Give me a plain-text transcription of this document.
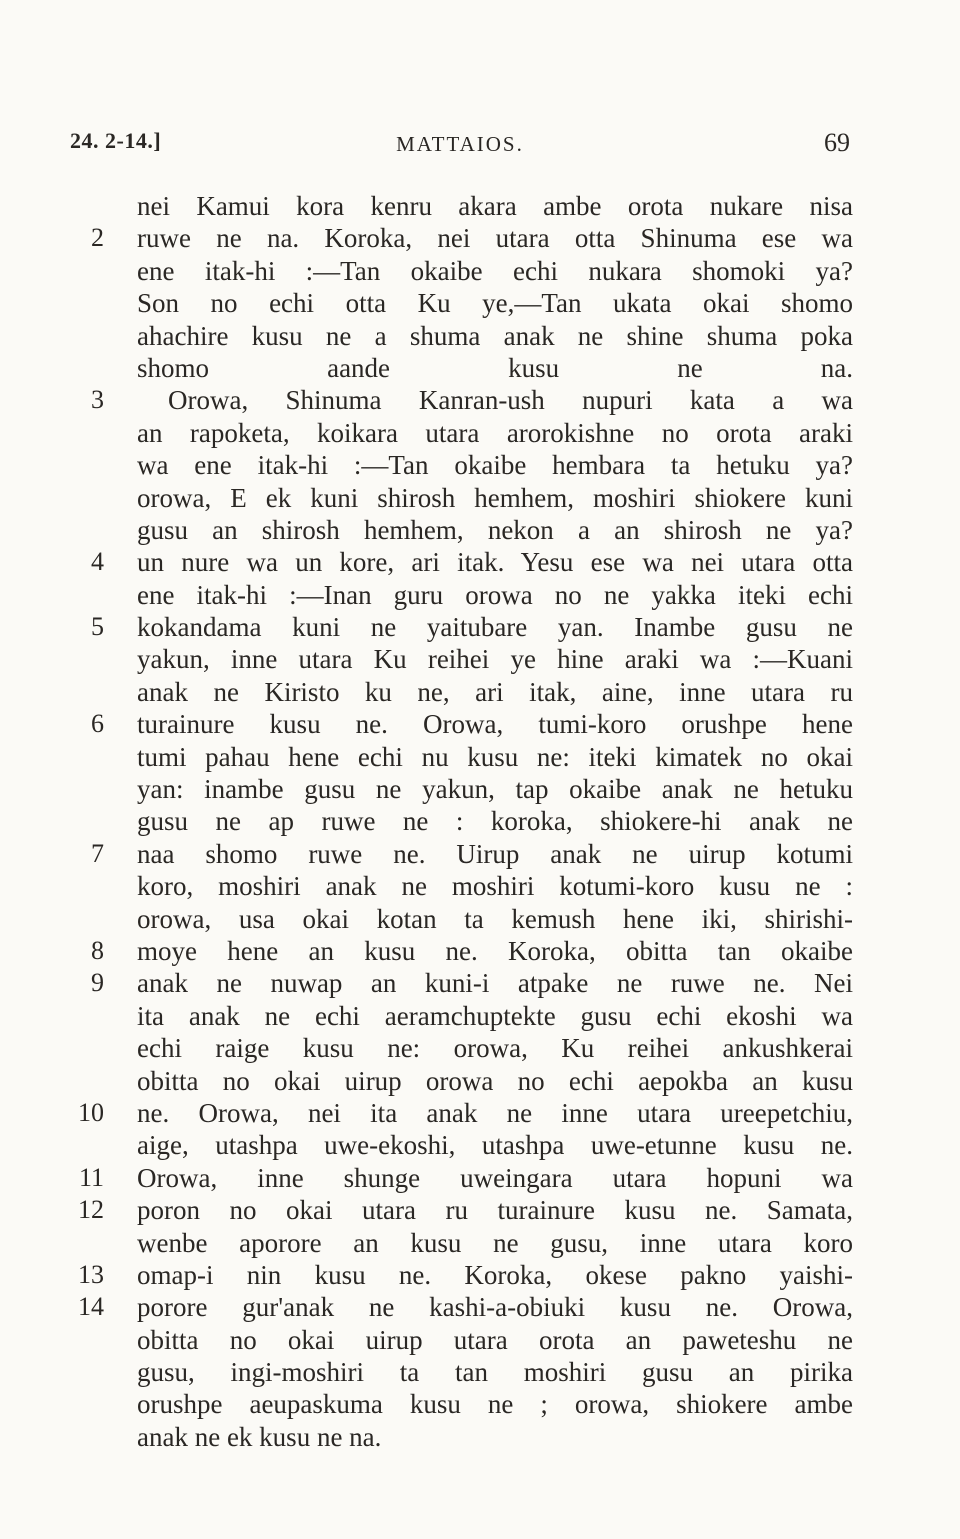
24. 2-14.]	MATTAIOS.	69
nei Kamui kora kenru akara ambe orota nukare nisa
2 ruwe ne na. Koroka, nei utara otta Shinuma ese wa
ene itak-hi :—Tan okaibe echi nukara shomoki ya?
Son no echi otta Ku ye,—Tan ukata okai shomo
ahachire kusu ne a shuma anak ne shine shuma poka
shomo aande kusu ne na.
3 Orowa, Shinuma Kanran-ush nupuri kata a wa
an rapoketa, koikara utara arorokishne no orota araki
wa ene itak-hi :—Tan okaibe hembara ta hetuku ya?
orowa, E ek kuni shirosh hemhem, moshiri shiokere kuni
gusu an shirosh hemhem, nekon a an shirosh ne ya?
4 un nure wa un kore, ari itak. Yesu ese wa nei utara otta
ene itak-hi :—Inan guru orowa no ne yakka iteki echi
5 kokandama kuni ne yaitubare yan. Inambe gusu ne
yakun, inne utara Ku reihei ye hine araki wa :—Kuani
anak ne Kiristo ku ne, ari itak, aine, inne utara ru
6 turainure kusu ne. Orowa, tumi-koro orushpe hene
tumi pahau hene echi nu kusu ne: iteki kimatek no okai
yan: inambe gusu ne yakun, tap okaibe anak ne hetuku
gusu ne ap ruwe ne : koroka, shiokere-hi anak ne
7 naa shomo ruwe ne. Uirup anak ne uirup kotumi
koro, moshiri anak ne moshiri kotumi-koro kusu ne :
orowa, usa okai kotan ta kemush hene iki, shirishi-
8 moye hene an kusu ne. Koroka, obitta tan okaibe
9 anak ne nuwap an kuni-i atpake ne ruwe ne. Nei
ita anak ne echi aeramchuptekte gusu echi ekoshi wa
echi raige kusu ne: orowa, Ku reihei ankushkerai
obitta no okai uirup orowa no echi aepokba an kusu
10 ne. Orowa, nei ita anak ne inne utara ureepetchiu,
aige, utashpa uwe-ekoshi, utashpa uwe-etunne kusu ne.
11 Orowa, inne shunge uweingara utara hopuni wa
12 poron no okai utara ru turainure kusu ne. Samata,
wenbe aporore an kusu ne gusu, inne utara koro
13 omap-i nin kusu ne. Koroka, okese pakno yaishi-
14 porore gur'anak ne kashi-a-obiuki kusu ne. Orowa,
obitta no okai uirup utara orota an paweteshu ne
gusu, ingi-moshiri ta tan moshiri gusu an pirika
orushpe aeupaskuma kusu ne ; orowa, shiokere ambe
anak ne ek kusu ne na.
